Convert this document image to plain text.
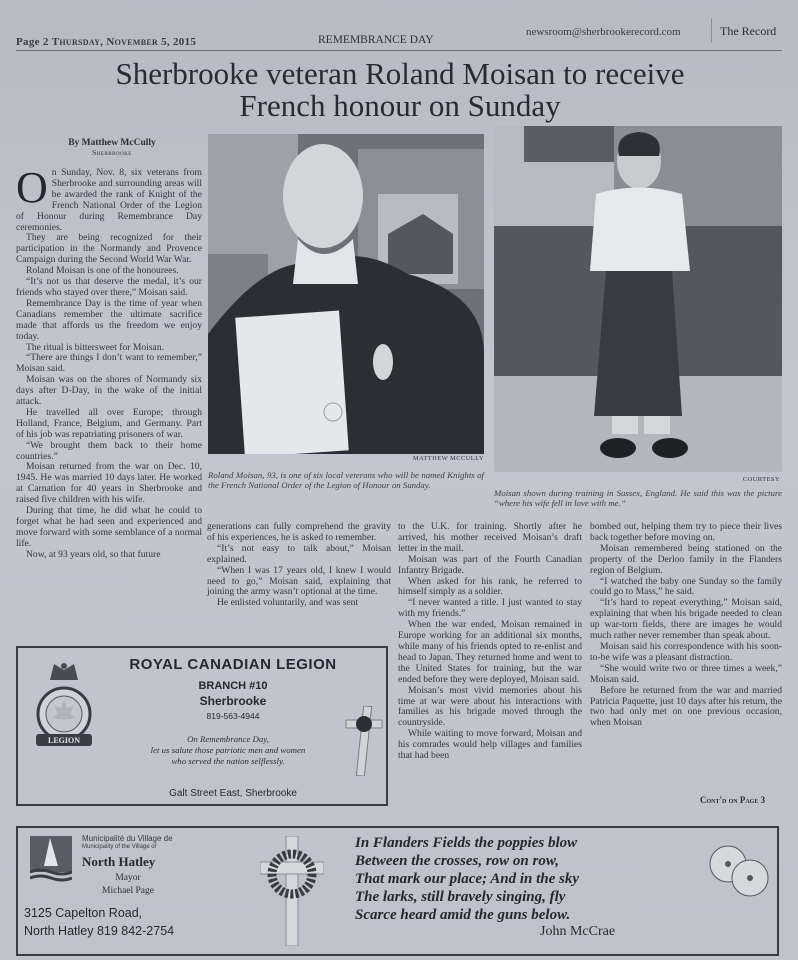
Page 2 Thursday, November 5, 2015	REMEMBRANCE DAY
newsroom@sherbrookerecord.com	The Record
Sherbrooke veteran Roland Moisan to receive
French honour on Sunday
By Matthew McCully
Sherbrooke
O n Sunday, Nov. 8, six veterans from Sherbrooke and surrounding areas will be awarded the rank of Knight of the French National Order of the Legion of Honour during Remembrance Day ceremonies.

They are being recognized for their participation in the Normandy and Provence Campaign during the Second World War War.

Roland Moisan is one of the honourees.

“It’s not us that deserve the medal, it’s our friends who stayed over there,” Moisan said.

Remembrance Day is the time of year when Canadians remember the ultimate sacrifice made that affords us the freedom we enjoy today.

The ritual is bittersweet for Moisan.

“There are things I don’t want to remember,” Moisan said.

Moisan was on the shores of Normandy six days after D-Day, in the wake of the initial attack.

He travelled all over Europe; through Holland, France, Belgium, and Germany. Part of his job was repatriating prisoners of war.

“We brought them back to their home countries.”

Moisan returned from the war on Dec. 10, 1945. He was married 10 days later. He worked at Carnation for 40 years in Sherbrooke and raised five children with his wife.

During that time, he did what he could to forget what he had seen and experienced and move forward with some semblance of a normal life.

Now, at 93 years old, so that future

MATTHEW MCCULLY
Roland Moisan, 93, is one of six local veterans who will be named Knights of the French National Order of the Legion of Honour on Sunday.
COURTESY
Moisan shown during training in Sussex, England. He said this was the picture “where his wife fell in love with me.”

generations can fully comprehend the gravity of his experiences, he is asked to remember.

“It’s not easy to talk about,” Moisan explained.

“When I was 17 years old, I knew I would need to go,” Moisan said, explaining that joining the army wasn’t optional at the time.

He enlisted voluntarily, and was sent

to the U.K. for training. Shortly after he arrived, his mother received Moisan’s draft letter in the mail.

Moisan was part of the Fourth Canadian Infantry Brigade.

When asked for his rank, he referred to himself simply as a soldier.

“I never wanted a title. I just wanted to stay with my friends.”

When the war ended, Moisan remained in Europe working for an additional six months, while many of his friends opted to re-enlist and head to Japan. They returned home and went to the United States for training, but the war ended before they were deployed, Moisan said.

Moisan’s most vivid memories about his time at war were about his interactions with families as his brigade moved through the countryside.

While waiting to move forward, Moisan and his comrades would help villages and families that had been

bombed out, helping them try to piece their lives back together before moving on.

Moisan remembered being stationed on the property of the Derloo family in the Flanders region of Belgium.

“I watched the baby one Sunday so the family could go to Mass,” he said.

“It’s hard to repeat everything,” Moisan said, explaining that when his brigade needed to clean up war-torn fields, there are images he would much rather never remember than speak about.

Moisan said his correspondence with his soon-to-be wife was a pleasant distraction.

“She would write two or three times a week,” Moisan said.

Before he returned from the war and married Patricia Paquette, just 10 days after his return, the two had only met on one previous occasion, when Moisan

Cont'd on Page 3
LEGION
ROYAL CANADIAN LEGION
BRANCH #10
Sherbrooke
819-563-4944
On Remembrance Day,
let us salute those patriotic men and women
who served the nation selflessly.
Galt Street East, Sherbrooke
Municipalité du Village de
Municipality of the Village of
North Hatley
Mayor
Michael Page
3125 Capelton Road,
North Hatley 819 842-2754
In Flanders Fields the poppies blow
Between the crosses, row on row,
That mark our place; And in the sky
The larks, still bravely singing, fly
Scarce heard amid the guns below.
John McCrae
